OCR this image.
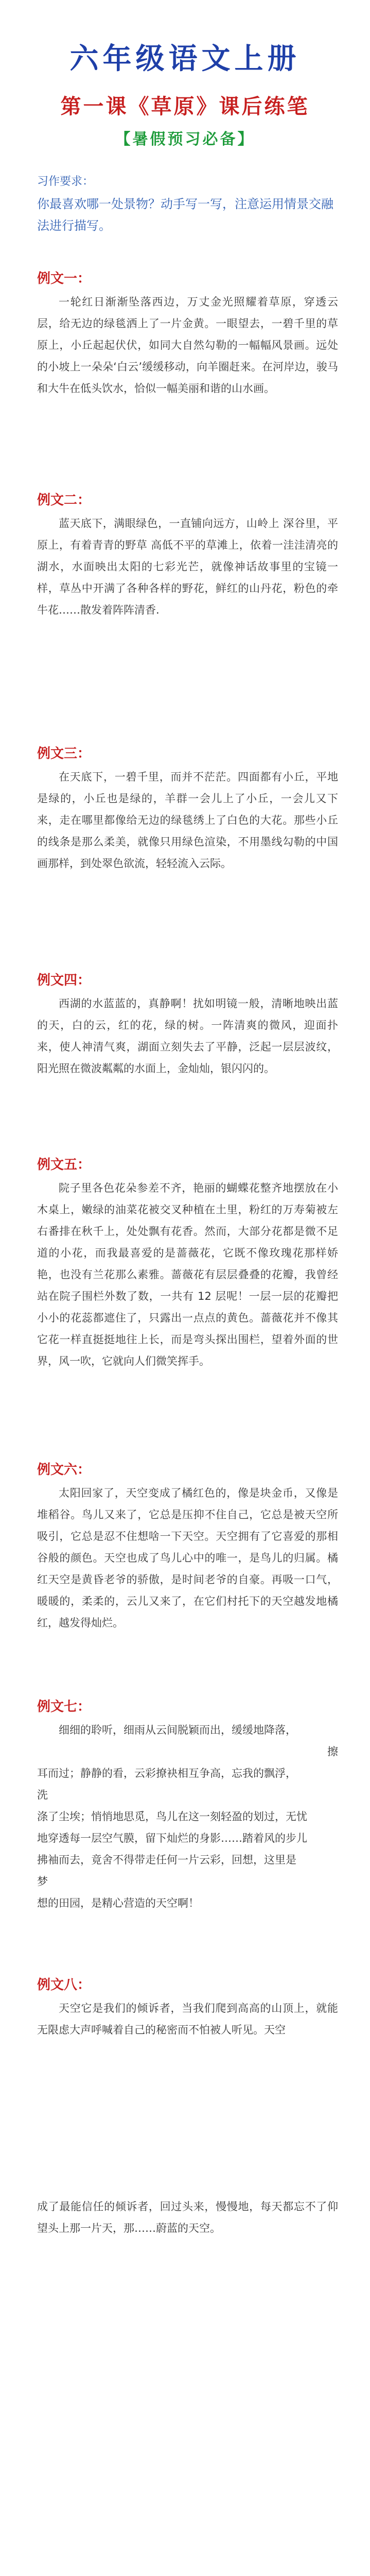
六年级语文上册
第一课《草原》课后练笔
【暑假预习必备】
习作要求：
你最喜欢哪一处景物？动手写一写，注意运用情景交融法进行描写。
例文一：
一轮红日渐渐坠落西边，万丈金光照耀着草原，穿透云层，给无边的绿毯洒上了一片金黄。一眼望去，一碧千里的草原上，小丘起起伏伏，如同大自然勾勒的一幅幅风景画。远处的小坡上一朵朵‘白云’缓缓移动，向羊圈赶来。在河岸边，骏马和大牛在低头饮水，恰似一幅美丽和谐的山水画。
例文二：
蓝天底下，满眼绿色，一直铺向远方，山岭上 深谷里，平原上，有着青青的野草 高低不平的草滩上，依着一洼洼清亮的湖水，水面映出太阳的七彩光芒，就像神话故事里的宝镜一样，草丛中开满了各种各样的野花，鲜红的山丹花，粉色的牵牛花……散发着阵阵清香.
例文三：
在天底下，一碧千里，而并不茫茫。四面都有小丘，平地是绿的，小丘也是绿的，羊群一会儿上了小丘，一会儿又下来，走在哪里都像给无边的绿毯绣上了白色的大花。那些小丘的线条是那么柔美，就像只用绿色渲染，不用墨线勾勒的中国画那样，到处翠色欲流，轻轻流入云际。
例文四：
西湖的水蓝蓝的，真静啊！扰如明镜一般，清晰地映出蓝的天，白的云，红的花，绿的树。一阵清爽的微风，迎面扑来，使人神清气爽，湖面立刻失去了平静，泛起一层层波纹，阳光照在微波粼粼的水面上，金灿灿，银闪闪的。
例文五：
院子里各色花朵参差不齐，艳丽的蝴蝶花整齐地摆放在小木桌上，嫩绿的油菜花被交叉种植在土里，粉红的万寿菊被左右番排在秋千上，处处飘有花香。然而，大部分花都是微不足道的小花，而我最喜爱的是蔷薇花，它既不像玫瑰花那样娇艳，也没有兰花那么素雅。蔷薇花有层层叠叠的花瓣，我曾经站在院子围栏外数了数，一共有 12 层呢！一层一层的花瓣把小小的花蕊都遮住了，只露出一点点的黄色。蔷薇花并不像其它花一样直挺挺地往上长，而是弯头探出围栏，望着外面的世界，风一吹，它就向人们微笑挥手。
例文六：
太阳回家了，天空变成了橘红色的，像是块金币，又像是堆稻谷。鸟儿又来了，它总是压抑不住自己，它总是被天空所吸引，它总是忍不住想啥一下天空。天空拥有了它喜爱的那相谷般的颜色。天空也成了鸟儿心中的唯一，是鸟儿的归属。橘红天空是黄昏老爷的骄傲，是时间老爷的自豪。再吸一口气，暖暖的，柔柔的，云儿又来了，在它们村托下的天空越发地橘红，越发得灿烂。
例文七：
细细的聆听，细雨从云间脱颖而出，缓缓地降落，
擦
耳而过；静静的看，云彩撩袂相互争高，忘我的飘浮，
洗
涤了尘埃；悄悄地思觅，鸟儿在这一刻轻盈的划过，无忧
地穿透每一层空气膜，留下灿烂的身影……踏着风的步儿
拂袖而去，竟舍不得带走任何一片云彩，回想，这里是
梦
想的田园，是精心营造的天空啊！
例文八：
天空它是我们的倾诉者，当我们爬到高高的山顶上，就能无限虑大声呼喊着自己的秘密而不怕被人听见。天空
成了最能信任的倾诉者，回过头来，慢慢地，每天都忘不了仰望头上那一片天，那……蔚蓝的天空。
